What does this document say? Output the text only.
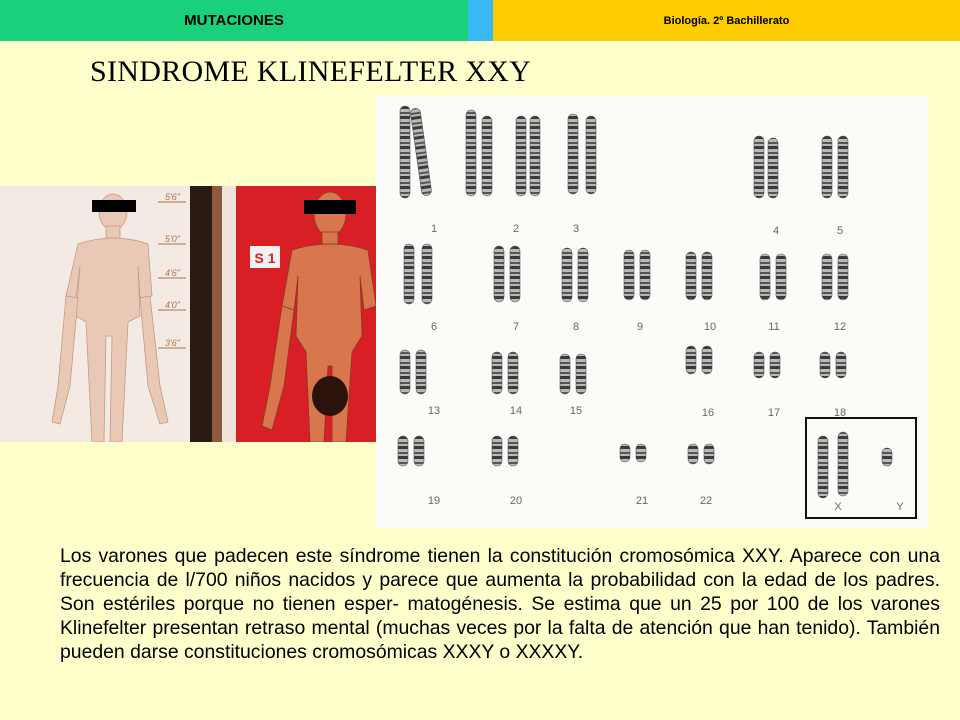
MUTACIONES	Biología. 2º Bachillerato
SINDROME KLINEFELTER XXY
S 1
5'6"
5'0"
4'6"
4'0"
3'6"
1	2	3	4	5
6	7	8	9	10	11	12
13	14	15	16	17	18
19	20	21	22	X	Y

Los varones que padecen este síndrome tienen la constitución cromosómica XXY. Aparece con una frecuencia de l/700 niños nacidos y parece que aumenta la probabilidad con la edad de los padres. Son estériles porque no tienen esper- matogénesis. Se estima que un 25 por 100 de los varones Klinefelter presentan retraso mental (muchas veces por la falta de atención que han tenido). También pueden darse constituciones cromosómicas XXXY o XXXXY.
